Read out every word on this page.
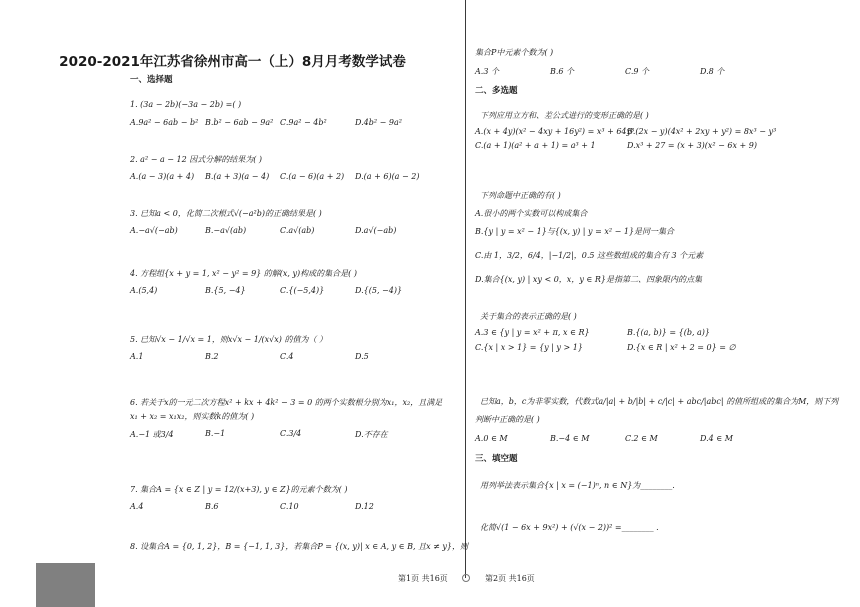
2020-2021年江苏省徐州市高一（上）8月月考数学试卷
一、选择题
1. (3a − 2b)(−3a − 2b) =( )
A.9a² − 6ab − b² B.b² − 6ab − 9a² C.9a² − 4b²	D.4b² − 9a²
2. a² − a − 12 因式分解的结果为( )
A.(a − 3)(a + 4) B.(a + 3)(a − 4) C.(a − 6)(a + 2) D.(a + 6)(a − 2)
3. 已知a < 0，化简二次根式√(−a²b)的正确结果是( )
A.−a√(−ab)	B.−a√(ab)	C.a√(ab)	D.a√(−ab)
4. 方程组{x + y = 1, x² − y² = 9} 的解(x, y)构成的集合是( )
A.(5,4)	B.{5, −4}	C.{(−5,4)}	D.{(5, −4)}
5. 已知√x − 1/√x = 1，则x√x − 1/(x√x) 的值为（ ）
A.1	B.2	C.4	D.5
6. 若关于x的一元二次方程x² + kx + 4k² − 3 = 0 的两个实数根分别为x₁，x₂，且满足
x₁ + x₂ = x₁x₂，则实数k的值为( )
A.−1 或3/4	B.−1	C.3/4	D.不存在
7. 集合A = {x ∈ Z | y = 12/(x+3), y ∈ Z}的元素个数为( )
A.4	B.6	C.10	D.12
8. 设集合A = {0, 1, 2}，B = {−1, 1, 3}，若集合P = {(x, y)| x ∈ A, y ∈ B, 且x ≠ y}，则
集合P中元素个数为( )
A.3 个	B.6 个	C.9 个	D.8 个
二、多选题
下列应用立方和、差公式进行的变形正确的是( )
A.(x + 4y)(x² − 4xy + 16y²) = x³ + 64y³
B.(2x − y)(4x² + 2xy + y²) = 8x³ − y³
C.(a + 1)(a² + a + 1) = a³ + 1	D.x³ + 27 = (x + 3)(x² − 6x + 9)
下列命题中正确的有( )
A.很小的两个实数可以构成集合
B.{y | y = x² − 1}与{(x, y) | y = x² − 1}是同一集合
C.由 1，3/2，6/4，|−1/2|，0.5 这些数组成的集合有 3 个元素
D.集合{(x, y) | xy < 0，x，y ∈ R}是指第二、四象限内的点集
关于集合的表示正确的是( )
A.3 ∈ {y | y = x² + π, x ∈ R}	B.{(a, b)} = {(b, a)}
C.{x | x > 1} = {y | y > 1}	D.{x ∈ R | x² + 2 = 0} = ∅
已知a，b，c为非零实数，代数式a/|a| + b/|b| + c/|c| + abc/|abc| 的值所组成的集合为M，则下列
判断中正确的是( )
A.0 ∈ M	B.−4 ∈ M	C.2 ∈ M	D.4 ∈ M
三、填空题
用列举法表示集合{x | x = (−1)ⁿ, n ∈ N}为________.
化简√(1 − 6x + 9x²) + (√(x − 2))² =________ .
第1页 共16页	第2页 共16页
